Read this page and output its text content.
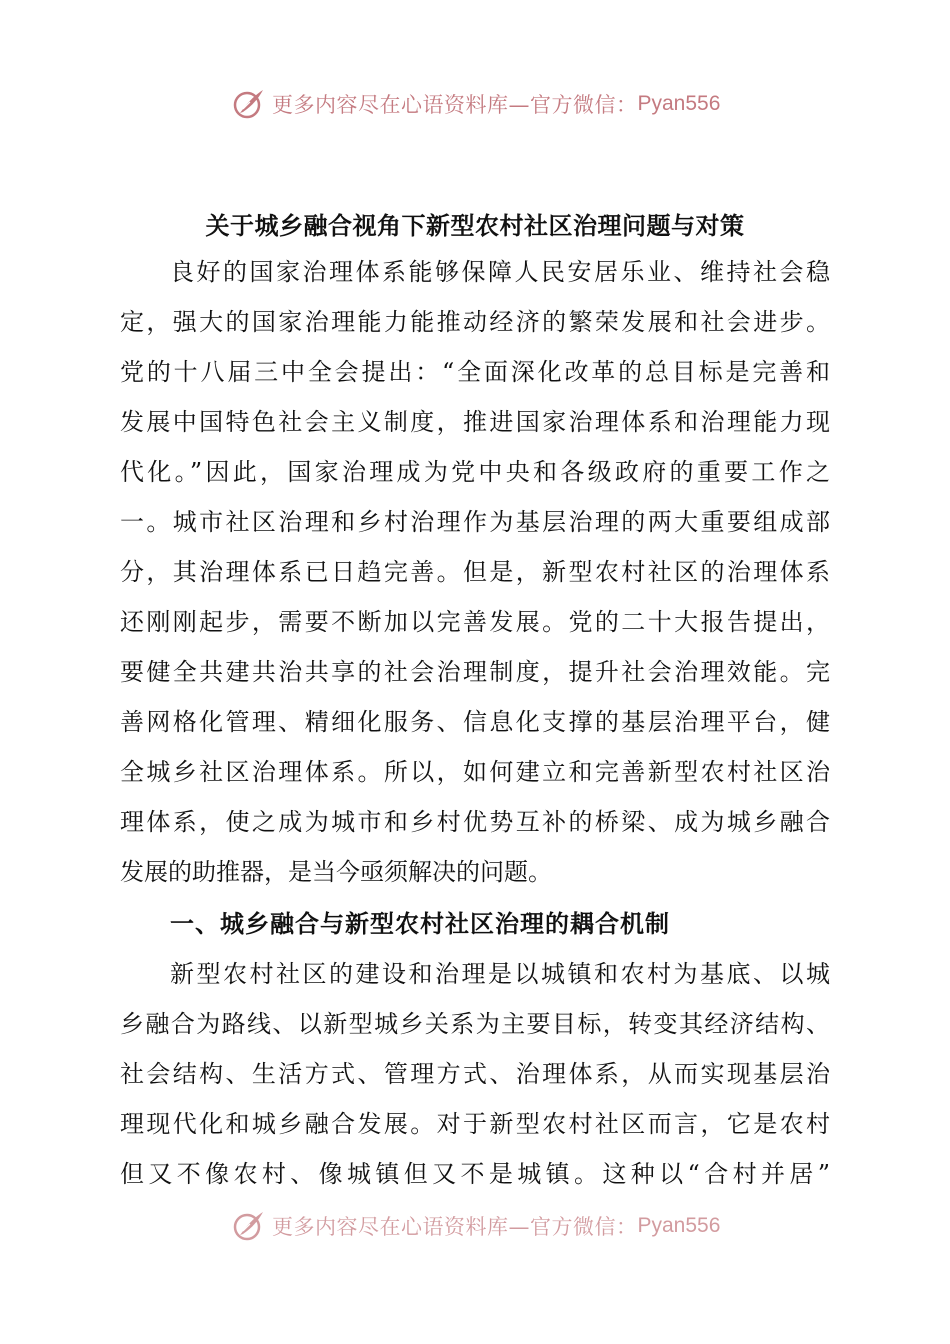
更多内容尽在心语资料库—官方微信： Pyan556
关于城乡融合视角下新型农村社区治理问题与对策
良好的国家治理体系能够保障人民安居乐业、维持社会稳
定，强大的国家治理能力能推动经济的繁荣发展和社会进步。
党的十八届三中全会提出：“全面深化改革的总目标是完善和
发展中国特色社会主义制度，推进国家治理体系和治理能力现
代化。”因此，国家治理成为党中央和各级政府的重要工作之
一。城市社区治理和乡村治理作为基层治理的两大重要组成部
分，其治理体系已日趋完善。但是，新型农村社区的治理体系
还刚刚起步，需要不断加以完善发展。党的二十大报告提出，
要健全共建共治共享的社会治理制度，提升社会治理效能。完
善网格化管理、精细化服务、信息化支撑的基层治理平台，健
全城乡社区治理体系。所以，如何建立和完善新型农村社区治
理体系，使之成为城市和乡村优势互补的桥梁、成为城乡融合
发展的助推器，是当今亟须解决的问题。
一、城乡融合与新型农村社区治理的耦合机制
新型农村社区的建设和治理是以城镇和农村为基底、以城
乡融合为路线、以新型城乡关系为主要目标，转变其经济结构、
社会结构、生活方式、管理方式、治理体系，从而实现基层治
理现代化和城乡融合发展。对于新型农村社区而言，它是农村
但又不像农村、像城镇但又不是城镇。这种以“合村并居”
更多内容尽在心语资料库—官方微信： Pyan556
